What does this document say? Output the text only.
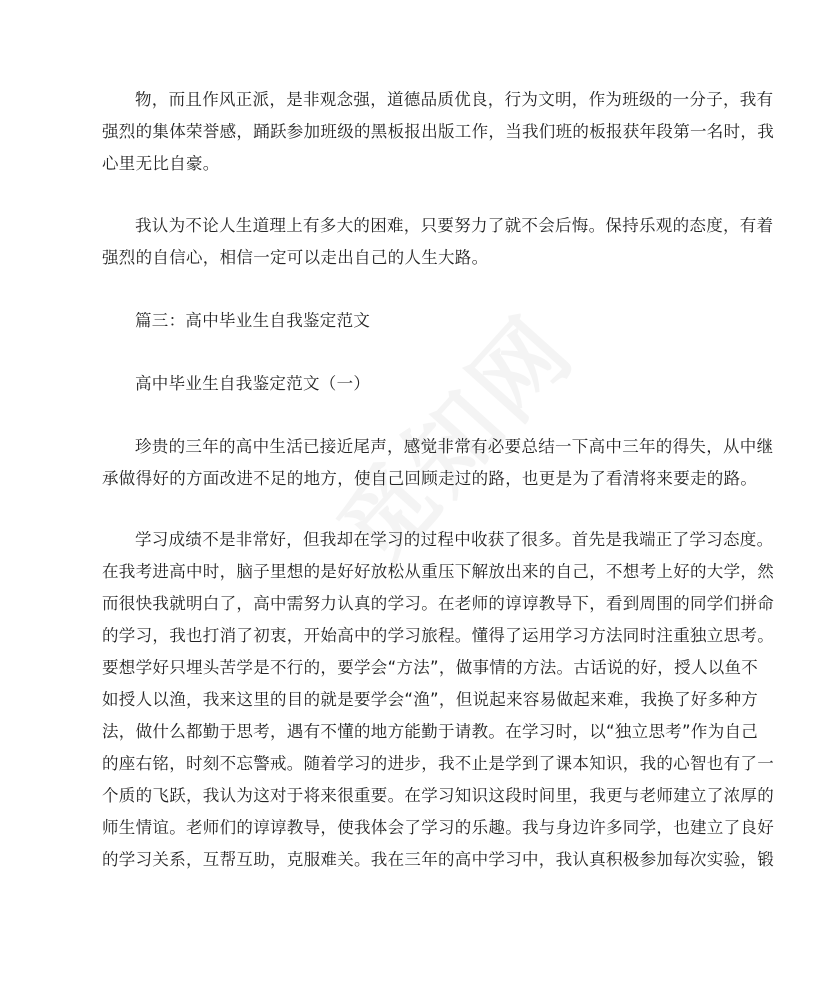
物，而且作风正派，是非观念强，道德品质优良，行为文明，作为班级的一分子，我有
强烈的集体荣誉感，踊跃参加班级的黑板报出版工作，当我们班的板报获年段第一名时，我
心里无比自豪。
我认为不论人生道理上有多大的困难，只要努力了就不会后悔。保持乐观的态度，有着
强烈的自信心，相信一定可以走出自己的人生大路。
篇三：高中毕业生自我鉴定范文
高中毕业生自我鉴定范文（一）
珍贵的三年的高中生活已接近尾声，感觉非常有必要总结一下高中三年的得失，从中继
承做得好的方面改进不足的地方，使自己回顾走过的路，也更是为了看清将来要走的路。
学习成绩不是非常好，但我却在学习的过程中收获了很多。首先是我端正了学习态度。
在我考进高中时，脑子里想的是好好放松从重压下解放出来的自己，不想考上好的大学，然
而很快我就明白了，高中需努力认真的学习。在老师的谆谆教导下，看到周围的同学们拼命
的学习，我也打消了初衷，开始高中的学习旅程。懂得了运用学习方法同时注重独立思考。
要想学好只埋头苦学是不行的，要学会“方法”，做事情的方法。古话说的好，授人以鱼不
如授人以渔，我来这里的目的就是要学会“渔”，但说起来容易做起来难，我换了好多种方
法，做什么都勤于思考，遇有不懂的地方能勤于请教。在学习时，以“独立思考”作为自己
的座右铭，时刻不忘警戒。随着学习的进步，我不止是学到了课本知识，我的心智也有了一
个质的飞跃，我认为这对于将来很重要。在学习知识这段时间里，我更与老师建立了浓厚的
师生情谊。老师们的谆谆教导，使我体会了学习的乐趣。我与身边许多同学，也建立了良好
的学习关系，互帮互助，克服难关。我在三年的高中学习中，我认真积极参加每次实验，锻
